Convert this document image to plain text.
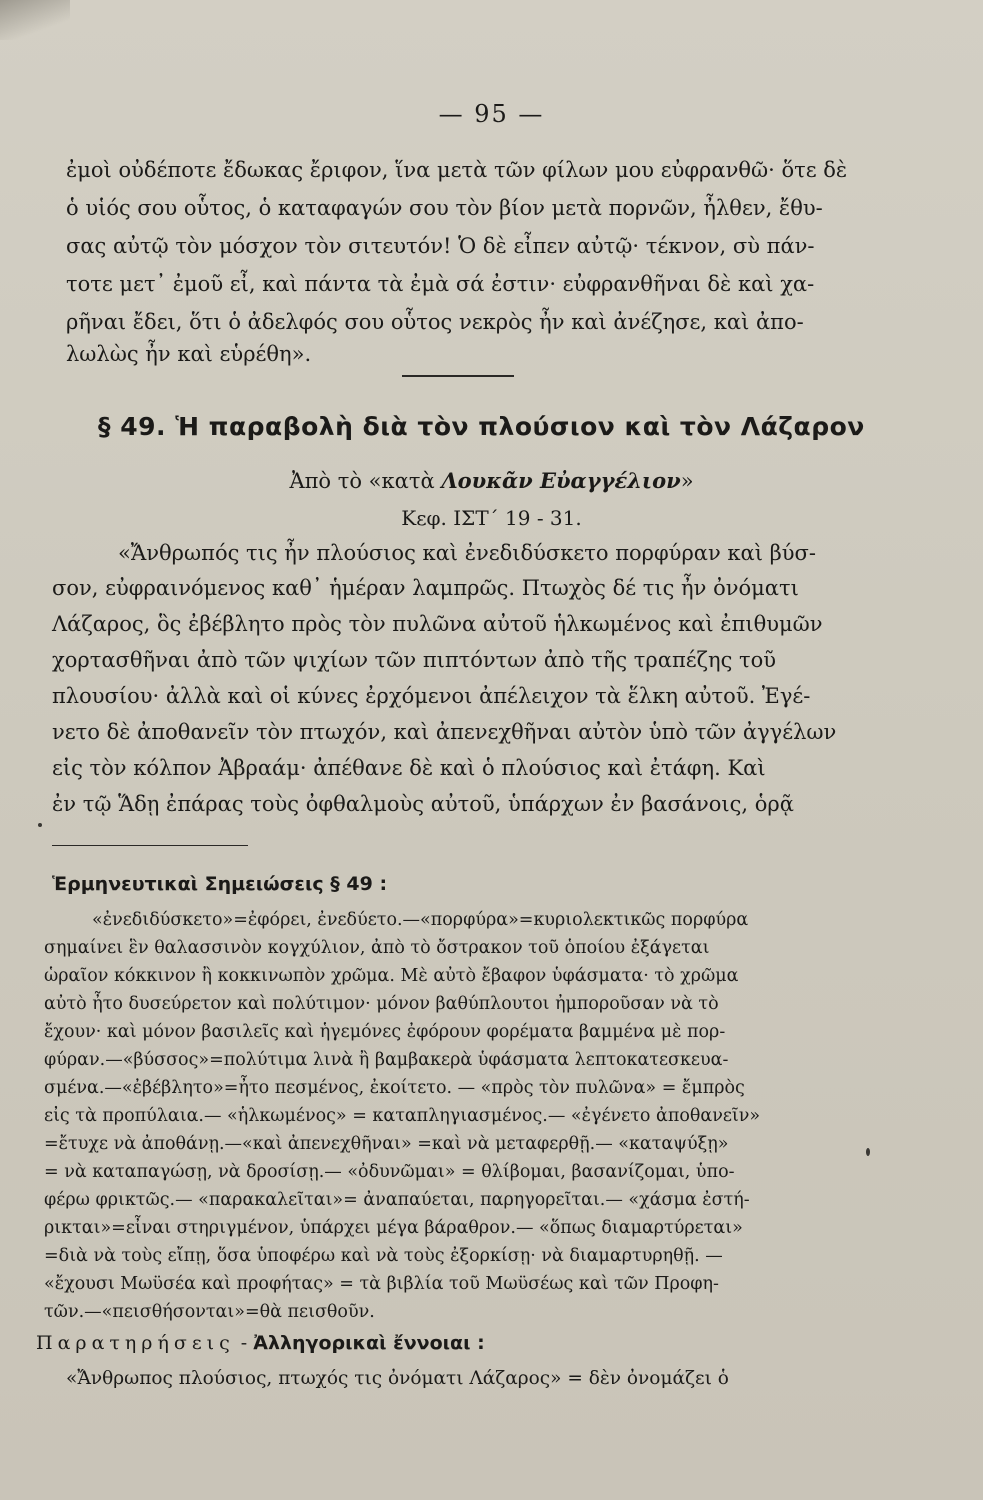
— 95 —
ἐμοὶ οὐδέποτε ἔδωκας ἔριφον, ἵνα μετὰ τῶν φίλων μου εὐφρανθῶ· ὅτε δὲ
ὁ υἱός σου οὗτος, ὁ καταφαγών σου τὸν βίον μετὰ πορνῶν, ἦλθεν, ἔθυ-
σας αὐτῷ τὸν μόσχον τὸν σιτευτόν! Ὁ δὲ εἶπεν αὐτῷ· τέκνον, σὺ πάν-
τοτε μετ᾿ ἐμοῦ εἶ, καὶ πάντα τὰ ἐμὰ σά ἐστιν· εὐφρανθῆναι δὲ καὶ χα-
ρῆναι ἔδει, ὅτι ὁ ἀδελφός σου οὗτος νεκρὸς ἦν καὶ ἀνέζησε, καὶ ἀπο-
λωλὼς ἦν καὶ εὑρέθη».
§ 49. Ἡ παραβολὴ διὰ τὸν πλούσιον καὶ τὸν Λάζαρον
Ἀπὸ τὸ «κατὰ Λουκᾶν Εὐαγγέλιον»
Κεφ. ΙΣΤ΄ 19 - 31.
«Ἄνθρωπός τις ἦν πλούσιος καὶ ἐνεδιδύσκετο πορφύραν καὶ βύσ-
σον, εὐφραινόμενος καθ᾿ ἡμέραν λαμπρῶς. Πτωχὸς δέ τις ἦν ὀνόματι
Λάζαρος, ὃς ἐβέβλητο πρὸς τὸν πυλῶνα αὐτοῦ ἡλκωμένος καὶ ἐπιθυμῶν
χορτασθῆναι ἀπὸ τῶν ψιχίων τῶν πιπτόντων ἀπὸ τῆς τραπέζης τοῦ
πλουσίου· ἀλλὰ καὶ οἱ κύνες ἐρχόμενοι ἀπέλειχον τὰ ἕλκη αὐτοῦ. Ἐγέ-
νετο δὲ ἀποθανεῖν τὸν πτωχόν, καὶ ἀπενεχθῆναι αὐτὸν ὑπὸ τῶν ἀγγέλων
εἰς τὸν κόλπον Ἀβραάμ· ἀπέθανε δὲ καὶ ὁ πλούσιος καὶ ἐτάφη. Καὶ
ἐν τῷ Ἅδῃ ἐπάρας τοὺς ὀφθαλμοὺς αὐτοῦ, ὑπάρχων ἐν βασάνοις, ὁρᾷ
Ἑρμηνευτικαὶ Σημειώσεις § 49 :
«ἐνεδιδύσκετο»=ἐφόρει, ἐνεδύετο.—«πορφύρα»=κυριολεκτικῶς πορφύρα
σημαίνει ἓν θαλασσινὸν κογχύλιον, ἀπὸ τὸ ὄστρακον τοῦ ὁποίου ἐξάγεται
ὡραῖον κόκκινον ἢ κοκκινωπὸν χρῶμα. Μὲ αὐτὸ ἔβαφον ὑφάσματα· τὸ χρῶμα
αὐτὸ ἦτο δυσεύρετον καὶ πολύτιμον· μόνον βαθύπλουτοι ἠμποροῦσαν νὰ τὸ
ἔχουν· καὶ μόνον βασιλεῖς καὶ ἡγεμόνες ἐφόρουν φορέματα βαμμένα μὲ πορ-
φύραν.—«βύσσος»=πολύτιμα λινὰ ἢ βαμβακερὰ ὑφάσματα λεπτοκατεσκευα-
σμένα.—«ἐβέβλητο»=ἦτο πεσμένος, ἐκοίτετο. — «πρὸς τὸν πυλῶνα» = ἔμπρὸς
εἰς τὰ προπύλαια.— «ἡλκωμένος» = καταπληγιασμένος.— «ἐγένετο ἀποθανεῖν»
=ἔτυχε νὰ ἀποθάνῃ.—«καὶ ἀπενεχθῆναι» =καὶ νὰ μεταφερθῇ.— «καταψύξῃ»
= νὰ καταπαγώσῃ, νὰ δροσίσῃ.— «ὀδυνῶμαι» = θλίβομαι, βασανίζομαι, ὑπο-
φέρω φρικτῶς.— «παρακαλεῖται»= ἀναπαύεται, παρηγορεῖται.— «χάσμα ἐστή-
ρικται»=εἶναι στηριγμένον, ὑπάρχει μέγα βάραθρον.— «ὅπως διαμαρτύρεται»
=διὰ νὰ τοὺς εἴπῃ, ὅσα ὑποφέρω καὶ νὰ τοὺς ἐξορκίσῃ· νὰ διαμαρτυρηθῇ. —
«ἔχουσι Μωϋσέα καὶ προφήτας» = τὰ βιβλία τοῦ Μωϋσέως καὶ τῶν Προφη-
τῶν.—«πεισθήσονται»=θὰ πεισθοῦν.
Παρατηρήσεις - Ἀλληγορικαὶ ἔννοιαι :
«Ἄνθρωπος πλούσιος, πτωχός τις ὀνόματι Λάζαρος» = δὲν ὀνομάζει ὁ
